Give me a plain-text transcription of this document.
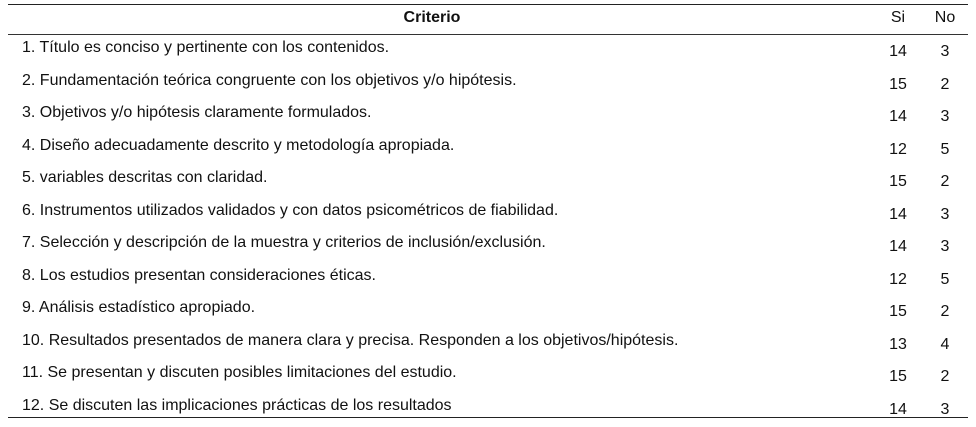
Criterio	Si	No
1. Título es conciso y pertinente con los contenidos.	14	3
2. Fundamentación teórica congruente con los objetivos y/o hipótesis.	15	2
3. Objetivos y/o hipótesis claramente formulados.	14	3
4. Diseño adecuadamente descrito y metodología apropiada.	12	5
5. variables descritas con claridad.	15	2
6. Instrumentos utilizados validados y con datos psicométricos de fiabilidad.	14	3
7. Selección y descripción de la muestra y criterios de inclusión/exclusión.	14	3
8. Los estudios presentan consideraciones éticas.	12	5
9. Análisis estadístico apropiado.	15	2
10. Resultados presentados de manera clara y precisa. Responden a los objetivos/hipótesis.	13	4
11. Se presentan y discuten posibles limitaciones del estudio.	15	2
12. Se discuten las implicaciones prácticas de los resultados	14	3
